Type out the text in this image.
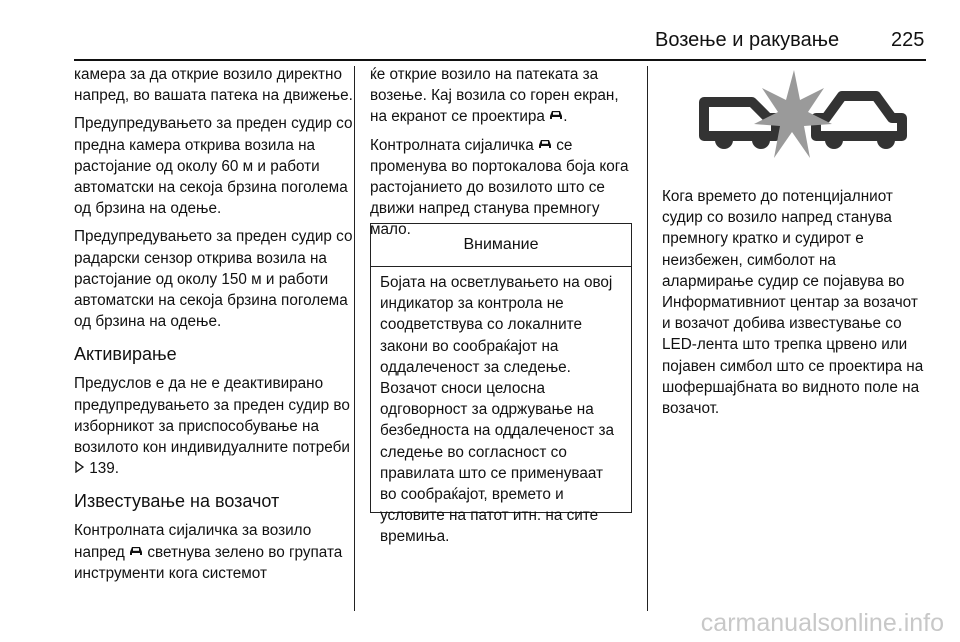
Возење и ракување	225

камера за да открие возило директно напред, во вашата патека на движење.

Предупредувањето за преден судир со предна камера открива возила на растојание од околу 60 м и работи автоматски на секоја брзина поголема од брзина на одење.

Предупредувањето за преден судир со радарски сензор открива возила на растојание од околу 150 м и работи автоматски на секоја брзина поголема од брзина на одење.

Активирање

Предуслов е да не е деактивирано предупредувањето за преден судир во изборникот за приспособување на возилото кон индивидуалните потреби  139.

Известување на возачот

Контролната сијаличка за возило напред  светнува зелено во групата инструменти кога системот

ќе открие возило на патеката за возење. Кај возила со горен екран, на екранот се проектира .

Контролната сијаличка  се променува во портокалова боја кога растојанието до возилото што се движи напред станува премногу мало.

Внимание
Бојата на осветлувањето на овој индикатор за контрола не соодветствува со локалните закони во сообраќајот на оддалеченост за следење. Возачот сноси целосна одговорност за одржување на безбедноста на оддалеченост за следење во согласност со правилата што се применуваат во сообраќајот, времето и условите на патот итн. на сите времиња.

Кога времето до потенцијалниот судир со возило напред станува премногу кратко и судирот е неизбежен, симболот на алармирање судир се појавува во Информативниот центар за возачот и возачот добива известување со LED-лента што трепка црвено или појавен симбол што се проектира на шофершајбната во видното поле на возачот.

carmanualsonline.info
